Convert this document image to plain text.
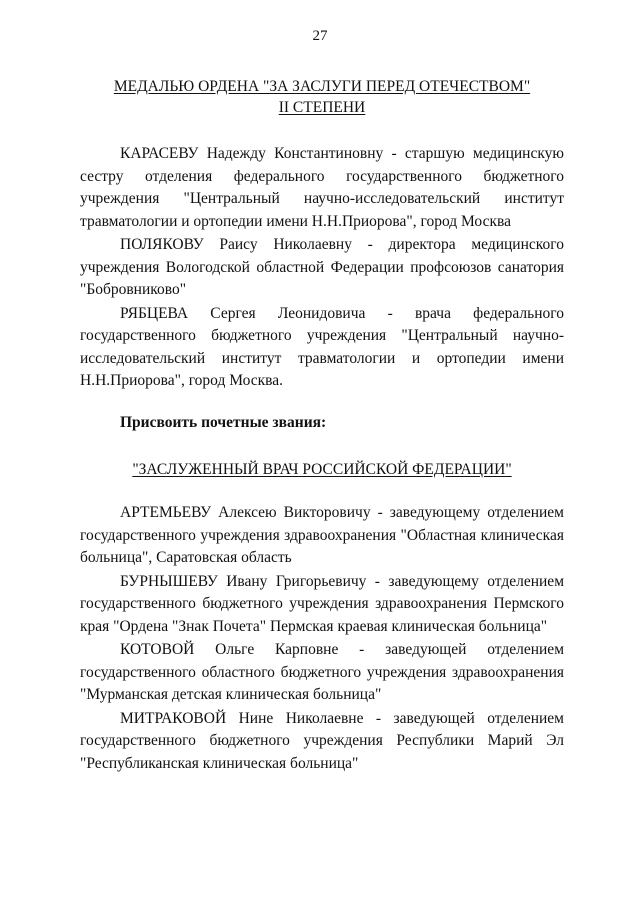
27
МЕДАЛЬЮ ОРДЕНА "ЗА ЗАСЛУГИ ПЕРЕД ОТЕЧЕСТВОМ"
II СТЕПЕНИ

КАРАСЕВУ Надежду Константиновну - старшую медицинскую сестру отделения федерального государственного бюджетного учреждения "Центральный научно-исследовательский институт травматологии и ортопедии имени Н.Н.Приорова", город Москва

ПОЛЯКОВУ Раису Николаевну - директора медицинского учреждения Вологодской областной Федерации профсоюзов санатория "Бобровниково"

РЯБЦЕВА Сергея Леонидовича - врача федерального государственного бюджетного учреждения "Центральный научно-исследовательский институт травматологии и ортопедии имени Н.Н.Приорова", город Москва.

Присвоить почетные звания:
"ЗАСЛУЖЕННЫЙ ВРАЧ РОССИЙСКОЙ ФЕДЕРАЦИИ"

АРТЕМЬЕВУ Алексею Викторовичу - заведующему отделением государственного учреждения здравоохранения "Областная клиническая больница", Саратовская область

БУРНЫШЕВУ Ивану Григорьевичу - заведующему отделением государственного бюджетного учреждения здравоохранения Пермского края "Ордена "Знак Почета" Пермская краевая клиническая больница"

КОТОВОЙ Ольге Карповне - заведующей отделением государственного областного бюджетного учреждения здравоохранения "Мурманская детская клиническая больница"

МИТРАКОВОЙ Нине Николаевне - заведующей отделением государственного бюджетного учреждения Республики Марий Эл "Республиканская клиническая больница"
